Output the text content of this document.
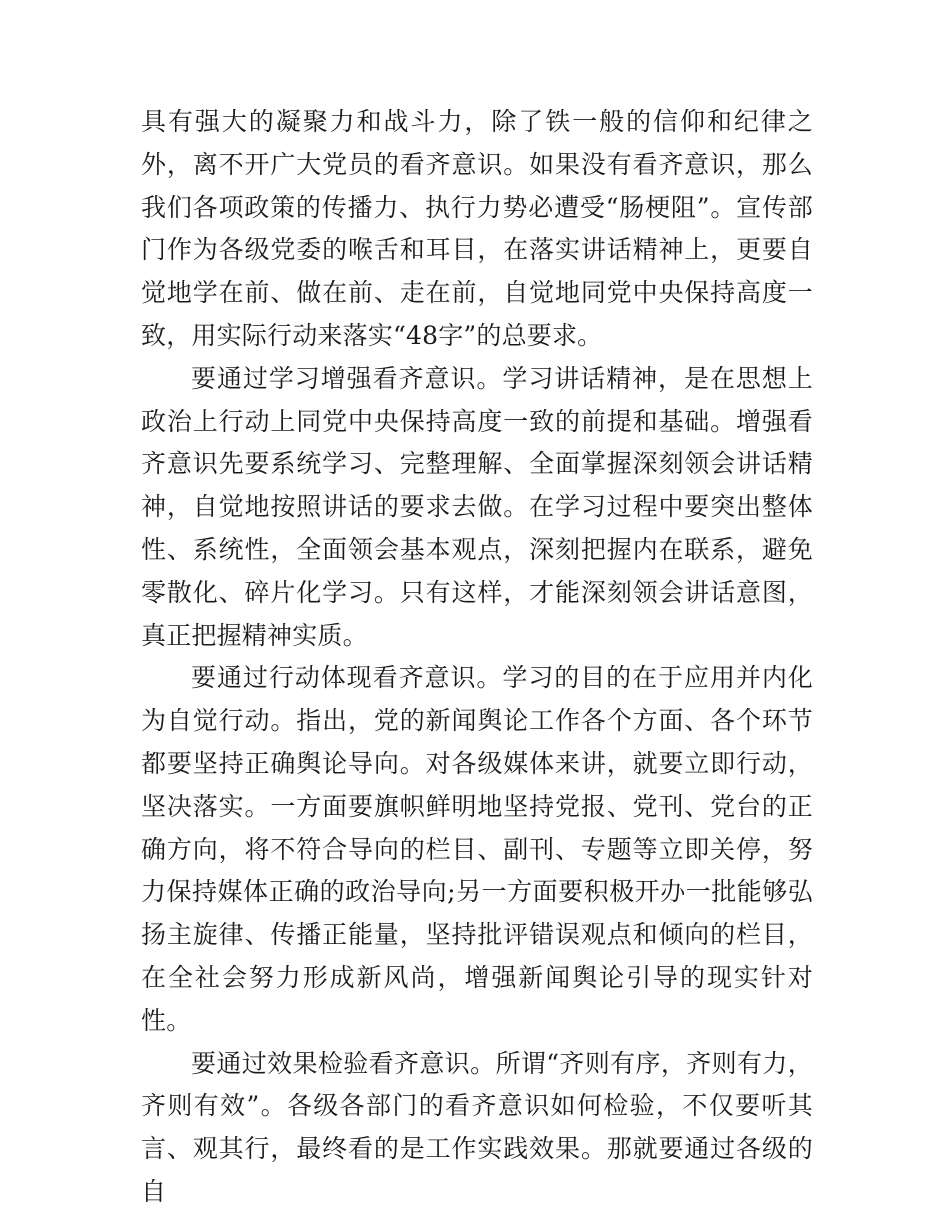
具有强大的凝聚力和战斗力，除了铁一般的信仰和纪律之外，离不开广大党员的看齐意识。如果没有看齐意识，那么我们各项政策的传播力、执行力势必遭受“肠梗阻”。宣传部门作为各级党委的喉舌和耳目，在落实讲话精神上，更要自觉地学在前、做在前、走在前，自觉地同党中央保持高度一致，用实际行动来落实“48字”的总要求。

要通过学习增强看齐意识。学习讲话精神，是在思想上政治上行动上同党中央保持高度一致的前提和基础。增强看齐意识先要系统学习、完整理解、全面掌握深刻领会讲话精神，自觉地按照讲话的要求去做。在学习过程中要突出整体性、系统性，全面领会基本观点，深刻把握内在联系，避免零散化、碎片化学习。只有这样，才能深刻领会讲话意图，真正把握精神实质。

要通过行动体现看齐意识。学习的目的在于应用并内化为自觉行动。指出，党的新闻舆论工作各个方面、各个环节都要坚持正确舆论导向。对各级媒体来讲，就要立即行动，坚决落实。一方面要旗帜鲜明地坚持党报、党刊、党台的正确方向，将不符合导向的栏目、副刊、专题等立即关停，努力保持媒体正确的政治导向;另一方面要积极开办一批能够弘扬主旋律、传播正能量，坚持批评错误观点和倾向的栏目，在全社会努力形成新风尚，增强新闻舆论引导的现实针对性。

要通过效果检验看齐意识。所谓“齐则有序，齐则有力，齐则有效”。各级各部门的看齐意识如何检验，不仅要听其言、观其行，最终看的是工作实践效果。那就要通过各级的自
